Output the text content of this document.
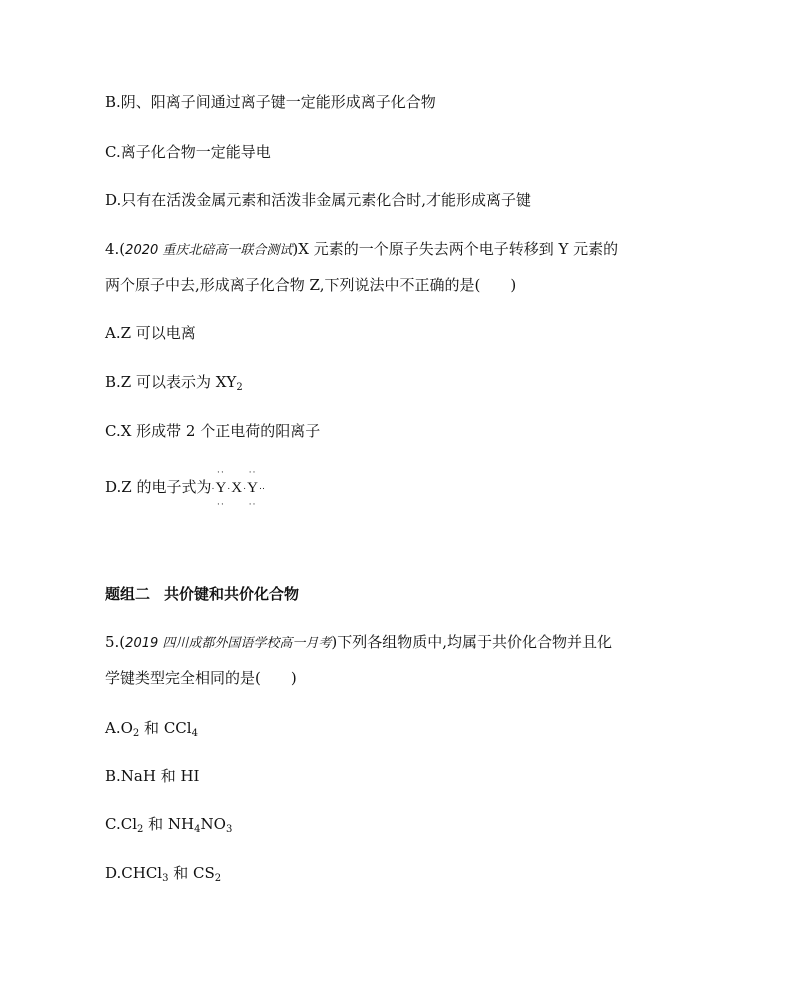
B.阴、阳离子间通过离子键一定能形成离子化合物
C.离子化合物一定能导电
D.只有在活泼金属元素和活泼非金属元素化合时,才能形成离子键
4.(2020 重庆北碚高一联合测试)X 元素的一个原子失去两个电子转移到 Y 元素的
两个原子中去,形成离子化合物 Z,下列说法中不正确的是(　　)
A.Z 可以电离
B.Z 可以表示为 $XY_2$
C.X 形成带 2 个正电荷的阳离子
D.Z 的电子式为·
··
Y
··
·X·
··
Y
··
··
题组二 共价键和共价化合物
5.(2019 四川成都外国语学校高一月考)下列各组物质中,均属于共价化合物并且化
学键类型完全相同的是(　　)
$A.O_2$ 和 CCl$_4$
B.NaH 和 HI
$C.Cl_2$ 和 $NH_4NO_3$
D.CHCl$_3$ 和 $CS_2$
